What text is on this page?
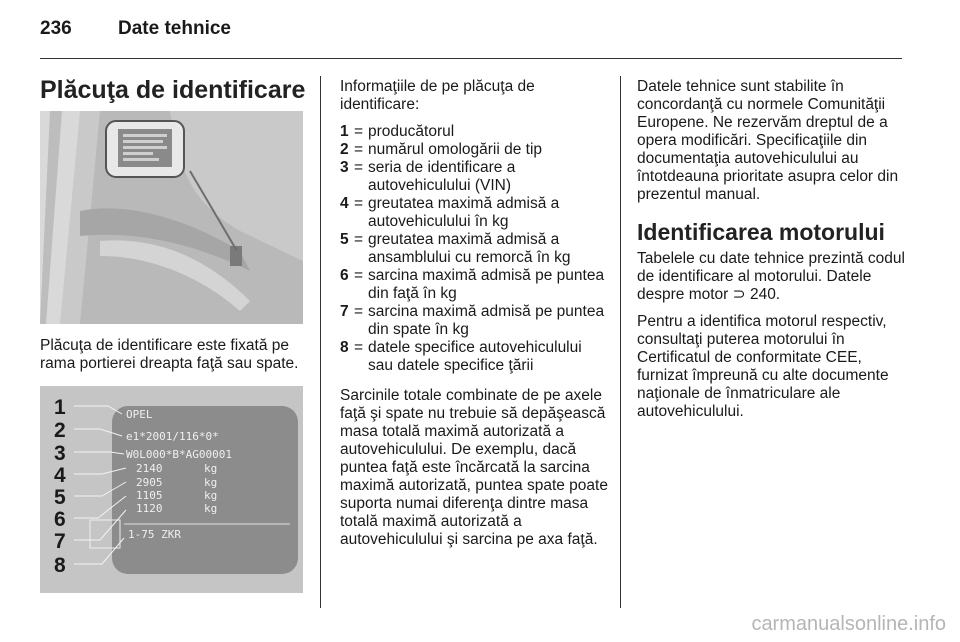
236 Date tehnice
Plăcuţa de identificare
Plăcuţa de identificare este fixată pe rama portierei dreapta faţă sau spate.
1
2
3
4
5
6
7
8
OPEL
e1*2001/116*0*
W0L000*B*AG00001
2140
2905
1105
1120
1-75 ZKR
kg
kg
kg
kg

Informaţiile de pe plăcuţa de identificare:

1 = producătorul
2 = numărul omologării de tip
3 = seria de identificare a autovehiculului (VIN)
4 = greutatea maximă admisă a autovehiculului în kg
5 = greutatea maximă admisă a ansamblului cu remorcă în kg
6 = sarcina maximă admisă pe puntea din faţă în kg
7 = sarcina maximă admisă pe puntea din spate în kg
8 = datele specifice autovehiculului sau datele specifice ţării

Sarcinile totale combinate de pe axele faţă şi spate nu trebuie să depăşească masa totală maximă autorizată a autovehiculului. De exemplu, dacă puntea faţă este încărcată la sarcina maximă autorizată, puntea spate poate suporta numai diferenţa dintre masa totală maximă autorizată a autovehiculului şi sarcina pe axa faţă.

Datele tehnice sunt stabilite în concordanţă cu normele Comunităţii Europene. Ne rezervăm dreptul de a opera modificări. Specificaţiile din documentaţia autovehiculului au întotdeauna prioritate asupra celor din prezentul manual.

Identificarea motorului

Tabelele cu date tehnice prezintă codul de identificare al motorului. Datele despre motor ⊃ 240.

Pentru a identifica motorul respectiv, consultaţi puterea motorului în Certificatul de conformitate CEE, furnizat împreună cu alte documente naţionale de înmatriculare ale autovehiculului.

carmanualsonline.info
